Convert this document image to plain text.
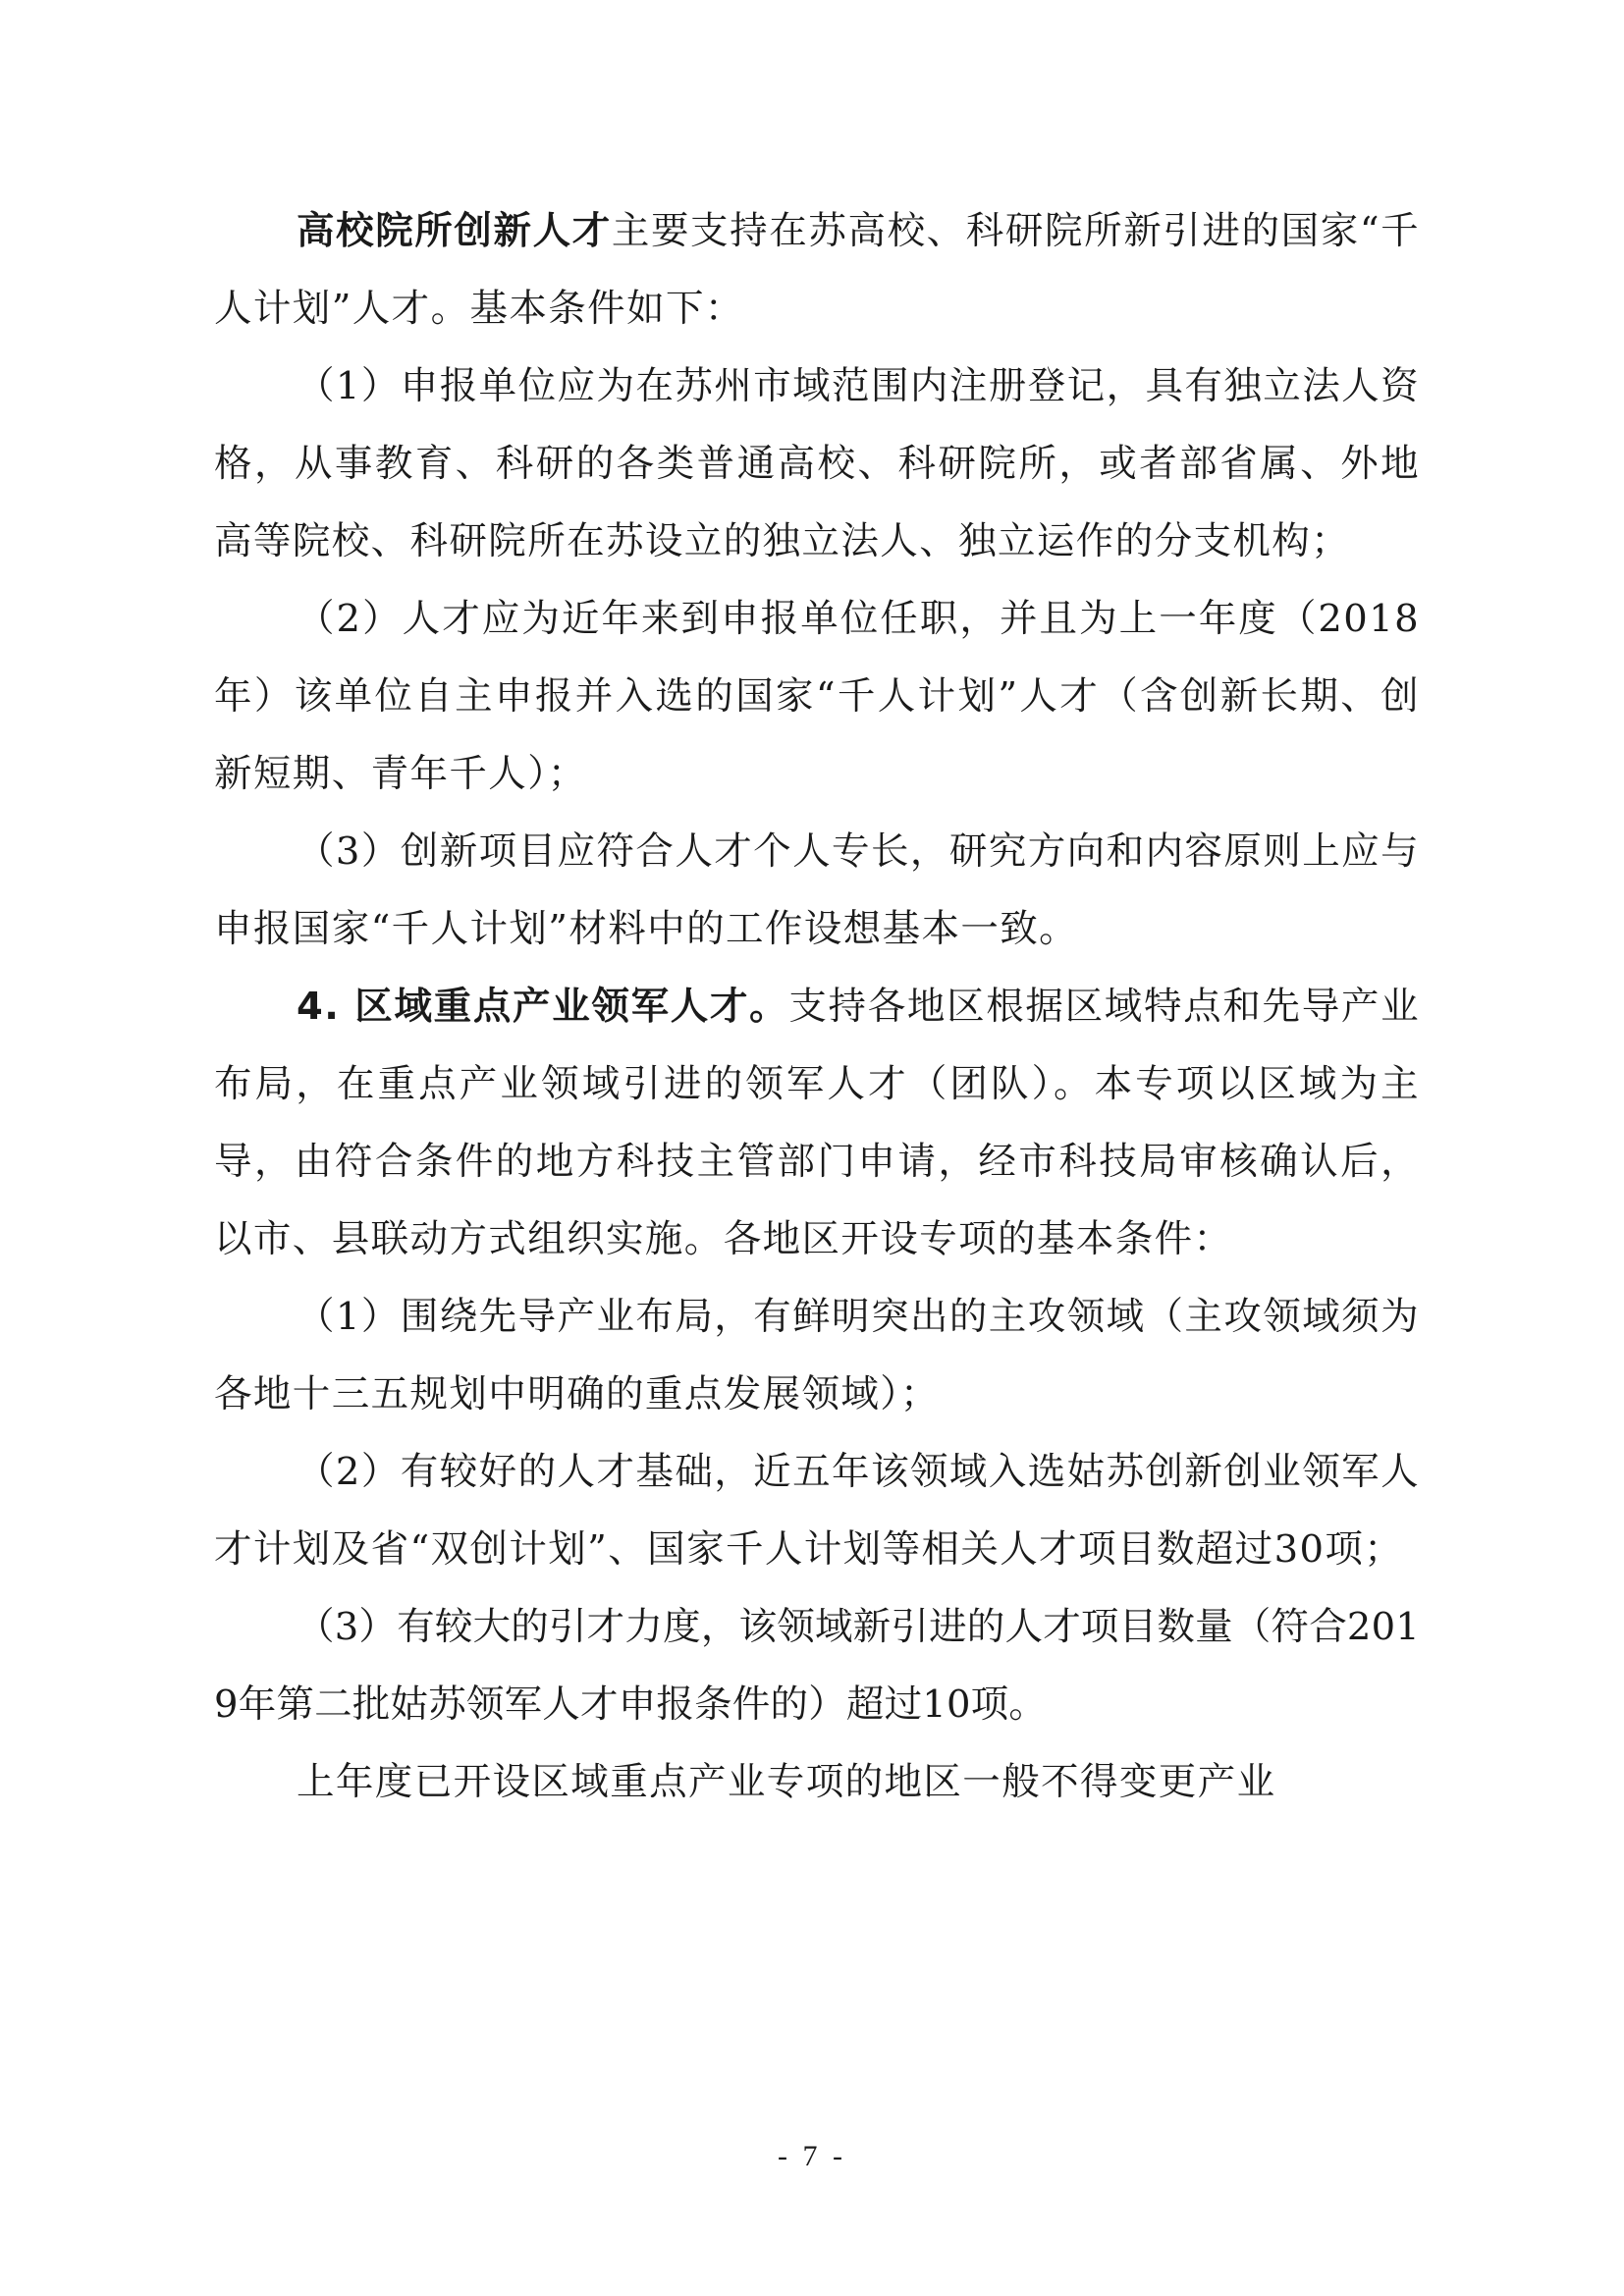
高校院所创新人才主要支持在苏高校、科研院所新引进的国家“千人计划”人才。基本条件如下：

（1）申报单位应为在苏州市域范围内注册登记，具有独立法人资格，从事教育、科研的各类普通高校、科研院所，或者部省属、外地高等院校、科研院所在苏设立的独立法人、独立运作的分支机构；

（2）人才应为近年来到申报单位任职，并且为上一年度（2018年）该单位自主申报并入选的国家“千人计划”人才（含创新长期、创新短期、青年千人）；

（3）创新项目应符合人才个人专长，研究方向和内容原则上应与申报国家“千人计划”材料中的工作设想基本一致。

4. 区域重点产业领军人才。支持各地区根据区域特点和先导产业布局，在重点产业领域引进的领军人才（团队）。本专项以区域为主导，由符合条件的地方科技主管部门申请，经市科技局审核确认后，以市、县联动方式组织实施。各地区开设专项的基本条件：

（1）围绕先导产业布局，有鲜明突出的主攻领域（主攻领域须为各地十三五规划中明确的重点发展领域）；

（2）有较好的人才基础，近五年该领域入选姑苏创新创业领军人才计划及省“双创计划”、国家千人计划等相关人才项目数超过30项；

（3）有较大的引才力度，该领域新引进的人才项目数量（符合2019年第二批姑苏领军人才申报条件的）超过10项。

上年度已开设区域重点产业专项的地区一般不得变更产业

- 7 -
